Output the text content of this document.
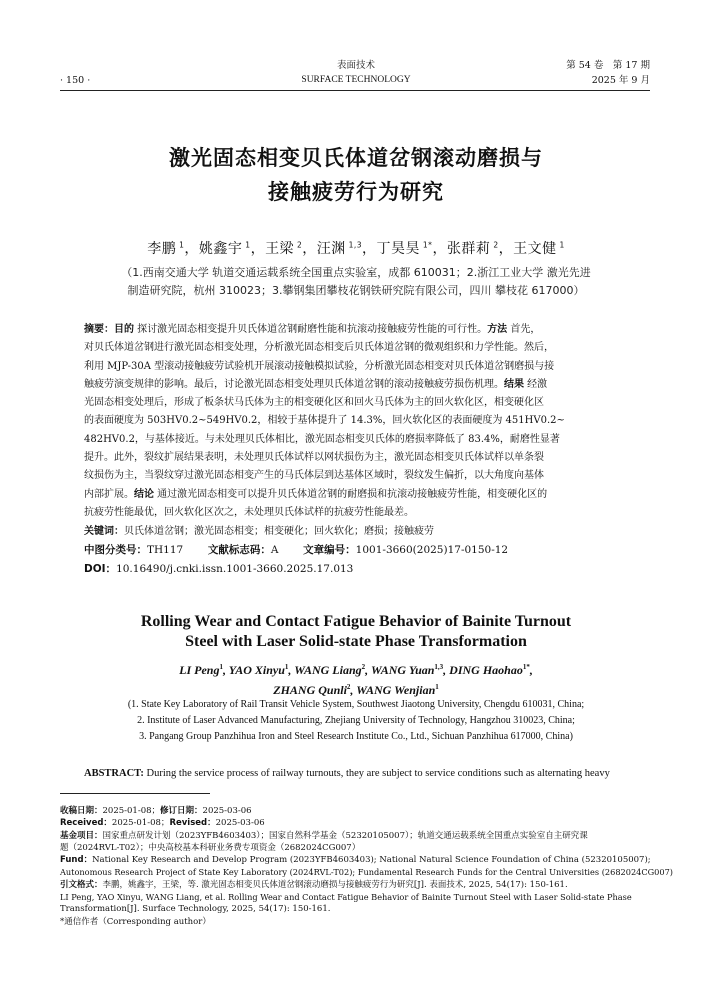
· 150 ·
表面技术
SURFACE TECHNOLOGY
第 54 卷　第 17 期
2025 年 9 月
激光固态相变贝氏体道岔钢滚动磨损与
接触疲劳行为研究
李鹏 $^1$，姚鑫宇 $^1$，王梁 $^2$，汪渊 $^{1,3}$，丁昊昊 $^{1*}$，张群莉 $^2$，王文健 $^1$
（1.西南交通大学 轨道交通运载系统全国重点实验室，成都 610031；2.浙江工业大学 激光先进
制造研究院，杭州 310023；3.攀钢集团攀枝花钢铁研究院有限公司，四川 攀枝花 617000）
摘要：目的 探讨激光固态相变提升贝氏体道岔钢耐磨性能和抗滚动接触疲劳性能的可行性。方法 首先，
对贝氏体道岔钢进行激光固态相变处理，分析激光固态相变后贝氏体道岔钢的微观组织和力学性能。然后，
利用 MJP-30A 型滚动接触疲劳试验机开展滚动接触模拟试验，分析激光固态相变对贝氏体道岔钢磨损与接
触疲劳演变规律的影响。最后，讨论激光固态相变处理贝氏体道岔钢的滚动接触疲劳损伤机理。结果 经激
光固态相变处理后，形成了板条状马氏体为主的相变硬化区和回火马氏体为主的回火软化区，相变硬化区
的表面硬度为 503HV0.2~549HV0.2，相较于基体提升了 14.3%，回火软化区的表面硬度为 451HV0.2~
482HV0.2，与基体接近。与未处理贝氏体相比，激光固态相变贝氏体的磨损率降低了 83.4%，耐磨性显著
提升。此外，裂纹扩展结果表明，未处理贝氏体试样以网状损伤为主，激光固态相变贝氏体试样以单条裂
纹损伤为主，当裂纹穿过激光固态相变产生的马氏体层到达基体区域时，裂纹发生偏折，以大角度向基体
内部扩展。结论 通过激光固态相变可以提升贝氏体道岔钢的耐磨损和抗滚动接触疲劳性能，相变硬化区的
抗疲劳性能最优，回火软化区次之，未处理贝氏体试样的抗疲劳性能最差。
关键词：贝氏体道岔钢；激光固态相变；相变硬化；回火软化；磨损；接触疲劳
中图分类号：TH117 文献标志码：A 文章编号：1001-3660(2025)17-0150-12
DOI：10.16490/j.cnki.issn.1001-3660.2025.17.013
Rolling Wear and Contact Fatigue Behavior of Bainite Turnout
Steel with Laser Solid-state Phase Transformation
LI Peng$^1$, YAO Xinyu$^1$, WANG Liang$^2$, WANG Yuan$^{1,3}$, DING Haohao$^{1*}$,
ZHANG Qunli$^2$, WANG Wenjian$^1$
(1. State Key Laboratory of Rail Transit Vehicle System, Southwest Jiaotong University, Chengdu 610031, China;
2. Institute of Laser Advanced Manufacturing, Zhejiang University of Technology, Hangzhou 310023, China;
3. Pangang Group Panzhihua Iron and Steel Research Institute Co., Ltd., Sichuan Panzhihua 617000, China)
ABSTRACT: During the service process of railway turnouts, they are subject to service conditions such as alternating heavy
收稿日期：2025-01-08；修订日期：2025-03-06
Received：2025-01-08；Revised：2025-03-06
基金项目：国家重点研发计划（2023YFB4603403）；国家自然科学基金（52320105007）；轨道交通运载系统全国重点实验室自主研究课
题（2024RVL-T02）；中央高校基本科研业务费专项资金（2682024CG007）
Fund：National Key Research and Develop Program (2023YFB4603403); National Natural Science Foundation of China (52320105007);
Autonomous Research Project of State Key Laboratory (2024RVL-T02); Fundamental Research Funds for the Central Universities (2682024CG007)
引文格式：李鹏，姚鑫宇，王梁，等. 激光固态相变贝氏体道岔钢滚动磨损与接触疲劳行为研究[J]. 表面技术, 2025, 54(17): 150-161.
LI Peng, YAO Xinyu, WANG Liang, et al. Rolling Wear and Contact Fatigue Behavior of Bainite Turnout Steel with Laser Solid-state Phase
Transformation[J]. Surface Technology, 2025, 54(17): 150-161.
*通信作者（Corresponding author）
